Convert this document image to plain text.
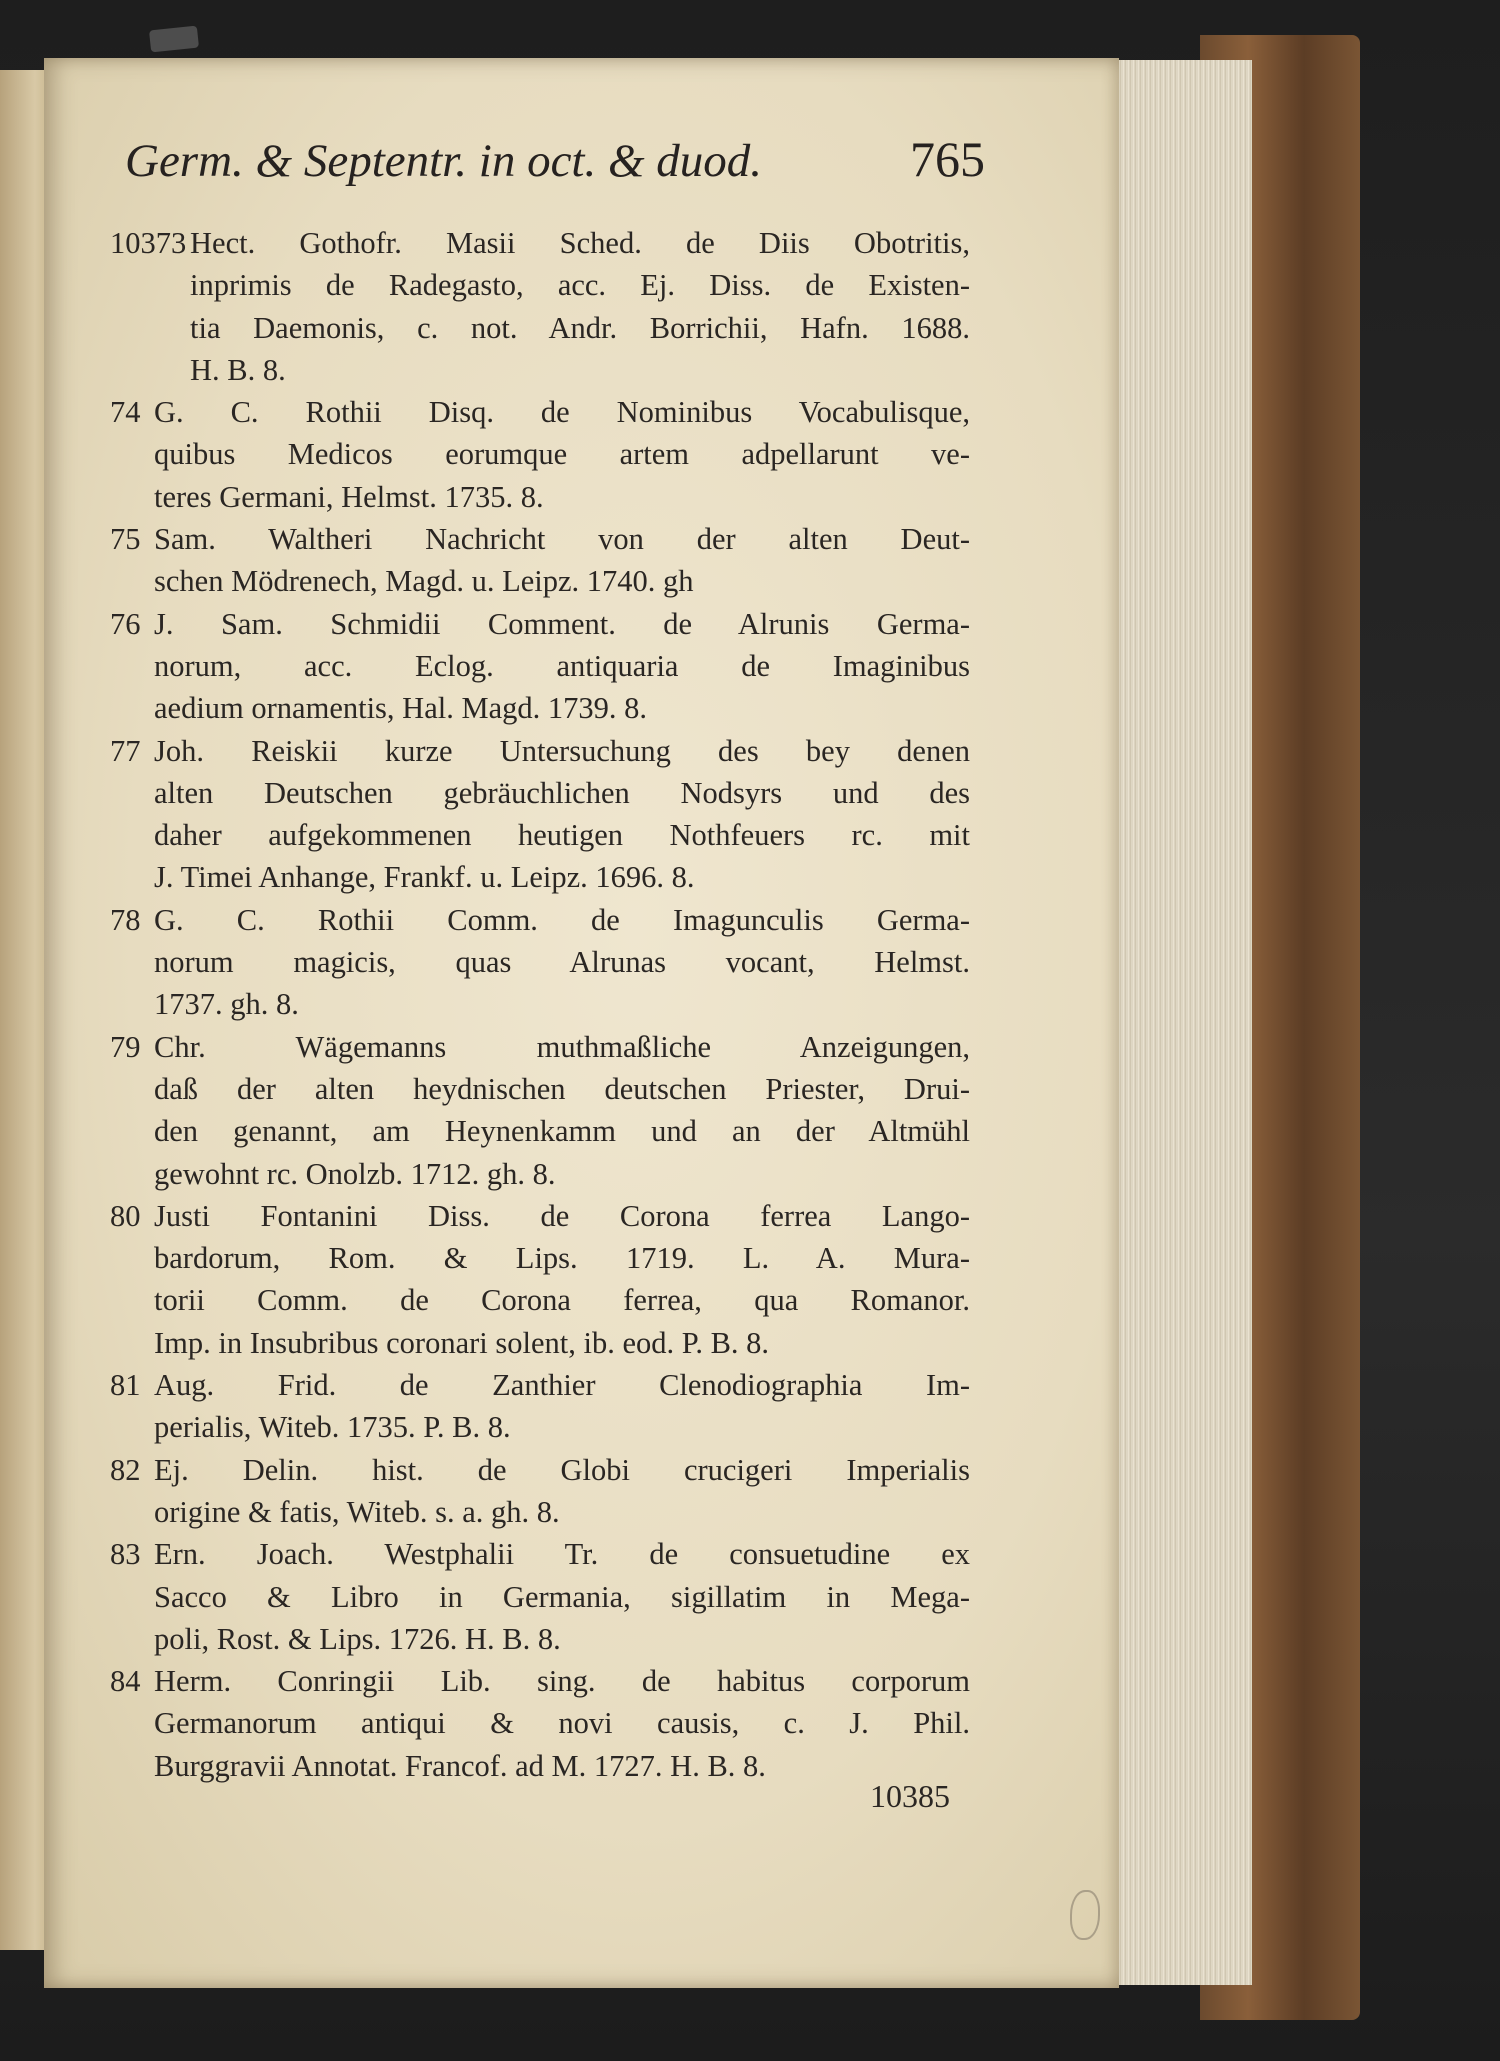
Germ. & Septentr. in oct. & duod.	765
10373 Hect. Gothofr. Masii Sched. de Diis Obotritis,
inprimis de Radegasto, acc. Ej. Diss. de Existen-
tia Daemonis, c. not. Andr. Borrichii, Hafn. 1688.
H. B. 8.
74 G. C. Rothii Disq. de Nominibus Vocabulisque,
quibus Medicos eorumque artem adpellarunt ve-
teres Germani, Helmst. 1735. 8.
75 Sam. Waltheri Nachricht von der alten Deut-
schen Mödrenech, Magd. u. Leipz. 1740. gh
76 J. Sam. Schmidii Comment. de Alrunis Germa-
norum, acc. Eclog. antiquaria de Imaginibus
aedium ornamentis, Hal. Magd. 1739. 8.
77 Joh. Reiskii kurze Untersuchung des bey denen
alten Deutschen gebräuchlichen Nodsyrs und des
daher aufgekommenen heutigen Nothfeuers rc. mit
J. Timei Anhange, Frankf. u. Leipz. 1696. 8.
78 G. C. Rothii Comm. de Imagunculis Germa-
norum magicis, quas Alrunas vocant, Helmst.
1737. gh. 8.
79 Chr. Wägemanns muthmaßliche Anzeigungen,
daß der alten heydnischen deutschen Priester, Drui-
den genannt, am Heynenkamm und an der Altmühl
gewohnt rc. Onolzb. 1712. gh. 8.
80 Justi Fontanini Diss. de Corona ferrea Lango-
bardorum, Rom. & Lips. 1719. L. A. Mura-
torii Comm. de Corona ferrea, qua Romanor.
Imp. in Insubribus coronari solent, ib. eod. P. B. 8.
81 Aug. Frid. de Zanthier Clenodiographia Im-
perialis, Witeb. 1735. P. B. 8.
82 Ej. Delin. hist. de Globi crucigeri Imperialis
origine & fatis, Witeb. s. a. gh. 8.
83 Ern. Joach. Westphalii Tr. de consuetudine ex
Sacco & Libro in Germania, sigillatim in Mega-
poli, Rost. & Lips. 1726. H. B. 8.
84 Herm. Conringii Lib. sing. de habitus corporum
Germanorum antiqui & novi causis, c. J. Phil.
Burggravii Annotat. Francof. ad M. 1727. H. B. 8.
10385
